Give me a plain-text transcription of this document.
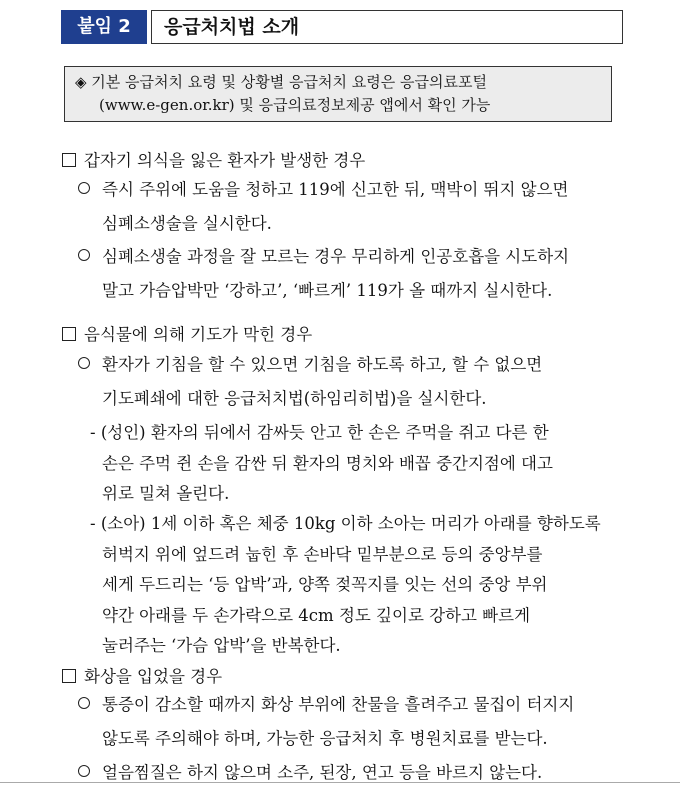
붙임 2	응급처치법 소개
◈ 기본 응급처치 요령 및 상황별 응급처치 요령은 응급의료포털
(www.e-gen.or.kr) 및 응급의료정보제공 앱에서 확인 가능
갑자기 의식을 잃은 환자가 발생한 경우
즉시 주위에 도움을 청하고 119에 신고한 뒤, 맥박이 뛰지 않으면
심폐소생술을 실시한다.
심폐소생술 과정을 잘 모르는 경우 무리하게 인공호흡을 시도하지
말고 가슴압박만 ‘강하고’, ‘빠르게’ 119가 올 때까지 실시한다.
음식물에 의해 기도가 막힌 경우
환자가 기침을 할 수 있으면 기침을 하도록 하고, 할 수 없으면
기도폐쇄에 대한 응급처치법(하임리히법)을 실시한다.
- (성인) 환자의 뒤에서 감싸듯 안고 한 손은 주먹을 쥐고 다른 한
손은 주먹 쥔 손을 감싼 뒤 환자의 명치와 배꼽 중간지점에 대고
위로 밀쳐 올린다.
- (소아) 1세 이하 혹은 체중 10kg 이하 소아는 머리가 아래를 향하도록
허벅지 위에 엎드려 눕힌 후 손바닥 밑부분으로 등의 중앙부를
세게 두드리는 ‘등 압박’과, 양쪽 젖꼭지를 잇는 선의 중앙 부위
약간 아래를 두 손가락으로 4cm 정도 깊이로 강하고 빠르게
눌러주는 ‘가슴 압박’을 반복한다.
화상을 입었을 경우
통증이 감소할 때까지 화상 부위에 찬물을 흘려주고 물집이 터지지
않도록 주의해야 하며, 가능한 응급처치 후 병원치료를 받는다.
얼음찜질은 하지 않으며 소주, 된장, 연고 등을 바르지 않는다.
